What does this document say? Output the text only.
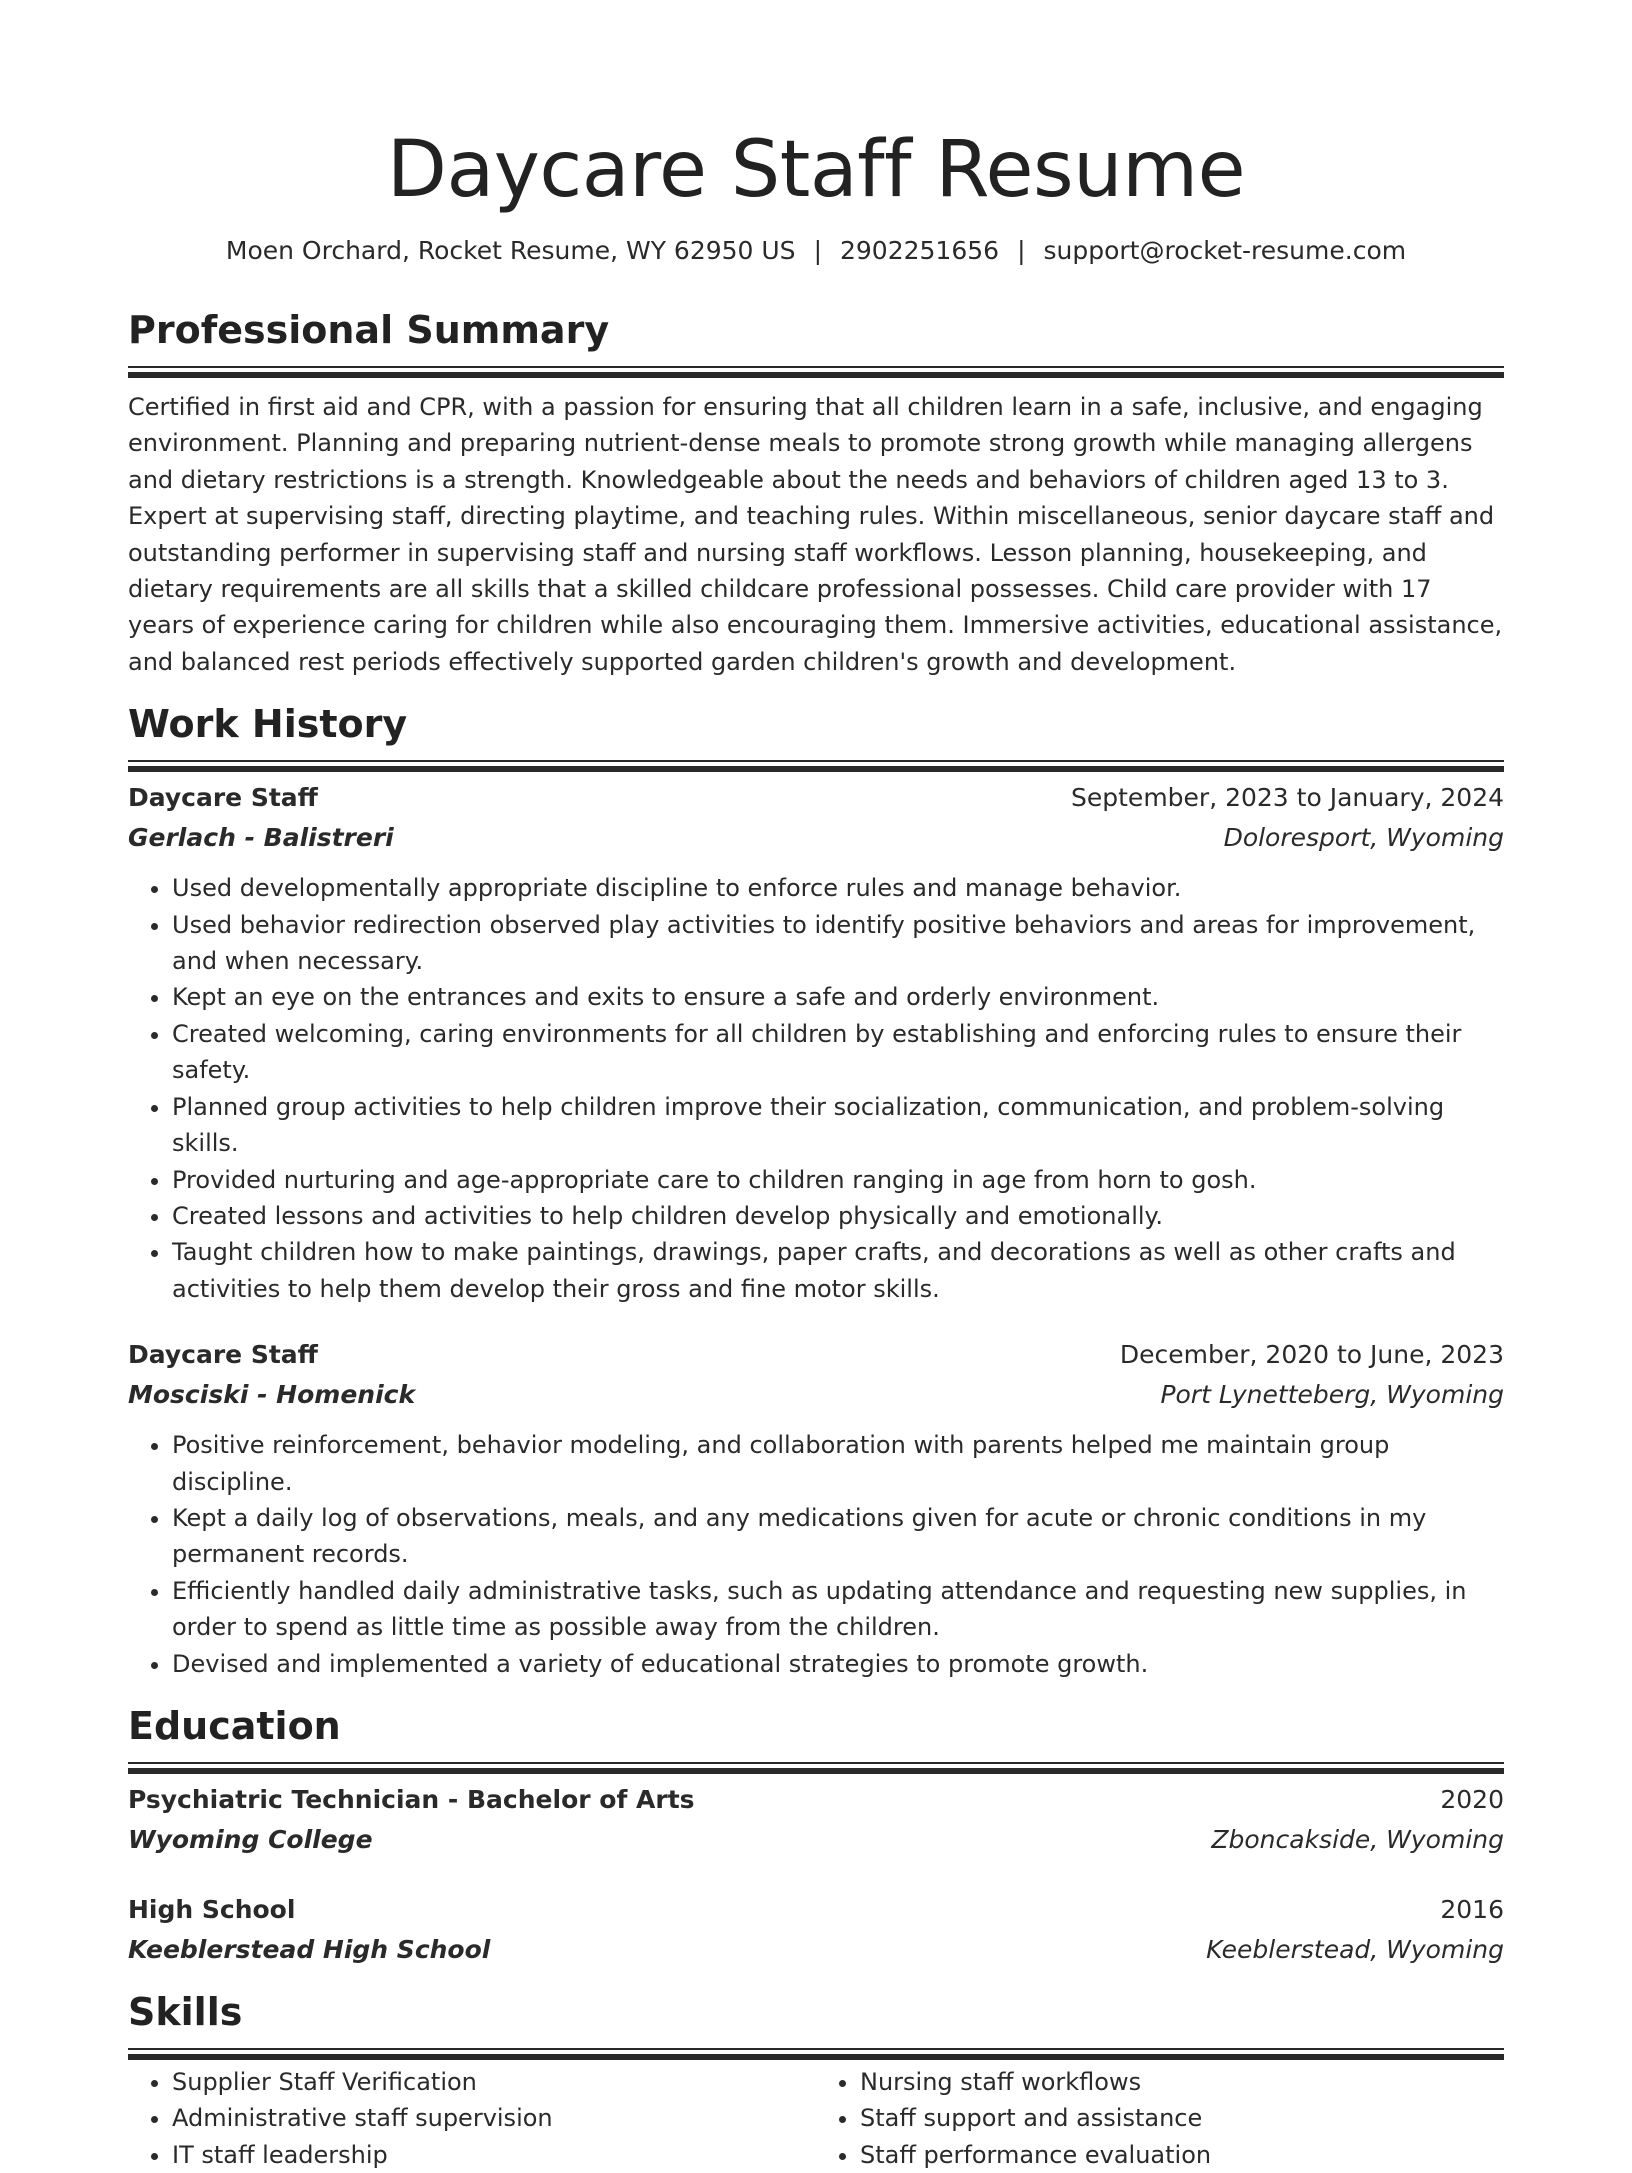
Daycare Staff Resume
Moen Orchard, Rocket Resume, WY 62950 US | 2902251656 | support@rocket-resume.com
Professional Summary

Certified in first aid and CPR, with a passion for ensuring that all children learn in a safe, inclusive, and engaging environment. Planning and preparing nutrient-dense meals to promote strong growth while managing allergens and dietary restrictions is a strength. Knowledgeable about the needs and behaviors of children aged 13 to 3. Expert at supervising staff, directing playtime, and teaching rules. Within miscellaneous, senior daycare staff and outstanding performer in supervising staff and nursing staff workflows. Lesson planning, housekeeping, and dietary requirements are all skills that a skilled childcare professional possesses. Child care provider with 17 years of experience caring for children while also encouraging them. Immersive activities, educational assistance, and balanced rest periods effectively supported garden children's growth and development.

Work History
Daycare Staff	September, 2023 to January, 2024
Gerlach - Balistreri	Doloresport, Wyoming
• Used developmentally appropriate discipline to enforce rules and manage behavior.
• Used behavior redirection observed play activities to identify positive behaviors and areas for improvement, and when necessary.
• Kept an eye on the entrances and exits to ensure a safe and orderly environment.
• Created welcoming, caring environments for all children by establishing and enforcing rules to ensure their safety.
• Planned group activities to help children improve their socialization, communication, and problem-solving skills.
• Provided nurturing and age-appropriate care to children ranging in age from horn to gosh.
• Created lessons and activities to help children develop physically and emotionally.
• Taught children how to make paintings, drawings, paper crafts, and decorations as well as other crafts and activities to help them develop their gross and fine motor skills.
Daycare Staff	December, 2020 to June, 2023
Mosciski - Homenick	Port Lynetteberg, Wyoming
• Positive reinforcement, behavior modeling, and collaboration with parents helped me maintain group discipline.
• Kept a daily log of observations, meals, and any medications given for acute or chronic conditions in my permanent records.
• Efficiently handled daily administrative tasks, such as updating attendance and requesting new supplies, in order to spend as little time as possible away from the children.
• Devised and implemented a variety of educational strategies to promote growth.
Education
Psychiatric Technician - Bachelor of Arts	2020
Wyoming College	Zboncakside, Wyoming
High School	2016
Keeblerstead High School	Keeblerstead, Wyoming
Skills
• Supplier Staff Verification
• Administrative staff supervision
• IT staff leadership
• Nursing staff workflows
• Staff support and assistance
• Staff performance evaluation
